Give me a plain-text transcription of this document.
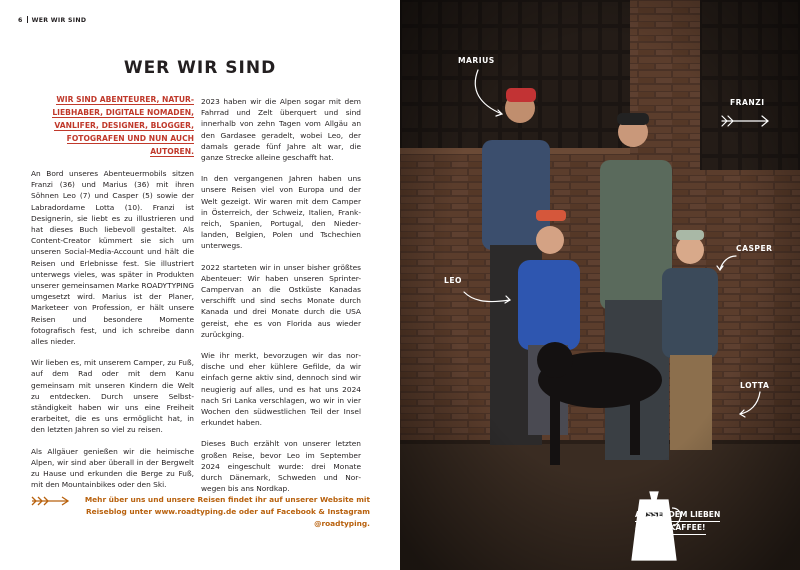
6 WER WIR SIND
WER WIR SIND
WIR SIND ABENTEURER, NATUR-
LIEBHABER, DIGITALE NOMADEN,
VANLIFER, DESIGNER, BLOGGER,
FOTOGRAFEN UND NUN AUCH
AUTOREN.

An Bord unseres Abenteuermobils sitzen Franzi (36) und Marius (36) mit ihren Söhnen Leo (7) und Casper (5) sowie der Labradordame Lotta (10). Franzi ist Designerin, sie liebt es zu illustrieren und hat dieses Buch liebevoll gestaltet. Als Content-Creator kümmert sie sich um unseren Social-Media-Account und hält die Reisen und Erlebnisse fest. Sie illustriert unterwegs vieles, was später in Produkten unserer gemeinsamen Marke ROADYTYPING umgesetzt wird. Marius ist der Planer, Marketeer von Profession, er hält unsere Reisen und besondere Momente fotografisch fest, und ich schreibe dann alles nieder.

Wir lieben es, mit unserem Camper, zu Fuß, auf dem Rad oder mit dem Kanu gemeinsam mit unseren Kindern die Welt zu entdecken. Durch unsere Selbstständigkeit haben wir uns eine Freiheit erarbeitet, die es uns ermöglicht hat, in den letzten Jahren so viel zu reisen.

Als Allgäuer genießen wir die heimische Alpen, wir sind aber überall in der Bergwelt zu Hause und erkunden die Berge zu Fuß, mit den Mountainbikes oder den Ski.

2023 haben wir die Alpen sogar mit dem Fahrrad und Zelt überquert und sind innerhalb von zehn Tagen vom Allgäu an den Gardasee geradelt, wobei Leo, der damals gerade fünf Jahre alt war, die ganze Strecke alleine geschafft hat.

In den vergangenen Jahren haben uns unsere Reisen viel von Europa und der Welt gezeigt. Wir waren mit dem Camper in Österreich, der Schweiz, Italien, Frankreich, Spanien, Portugal, den Niederlanden, Belgien, Polen und Tschechien unterwegs.

2022 starteten wir in unser bisher größtes Abenteuer: Wir haben unseren Sprinter-Campervan an die Ostküste Kanadas verschifft und sind sechs Monate durch Kanada und drei Monate durch die USA gereist, ehe es von Florida aus wieder zurückging.

Wie ihr merkt, bevorzugen wir das nordische und eher kühlere Gefilde, da wir einfach gerne aktiv sind, dennoch sind wir neugierig auf alles, und es hat uns 2024 nach Sri Lanka verschlagen, wo wir in vier Wochen den südwestlichen Teil der Insel erkundet haben.

Dieses Buch erzählt von unserer letzten großen Reise, bevor Leo im September 2024 eingeschult wurde: drei Monate durch Dänemark, Schweden und Norwegen bis ans Nordkap.

Mehr über uns und unsere Reisen findet ihr auf unserer Website mit
Reiseblog unter www.roadtyping.de oder auf Facebook & Instagram @roadtyping.
MARIUS
FRANZI
CASPER
LEO
LOTTA
AUSSERDEM LIEBEN
WIR KAFFEE!
